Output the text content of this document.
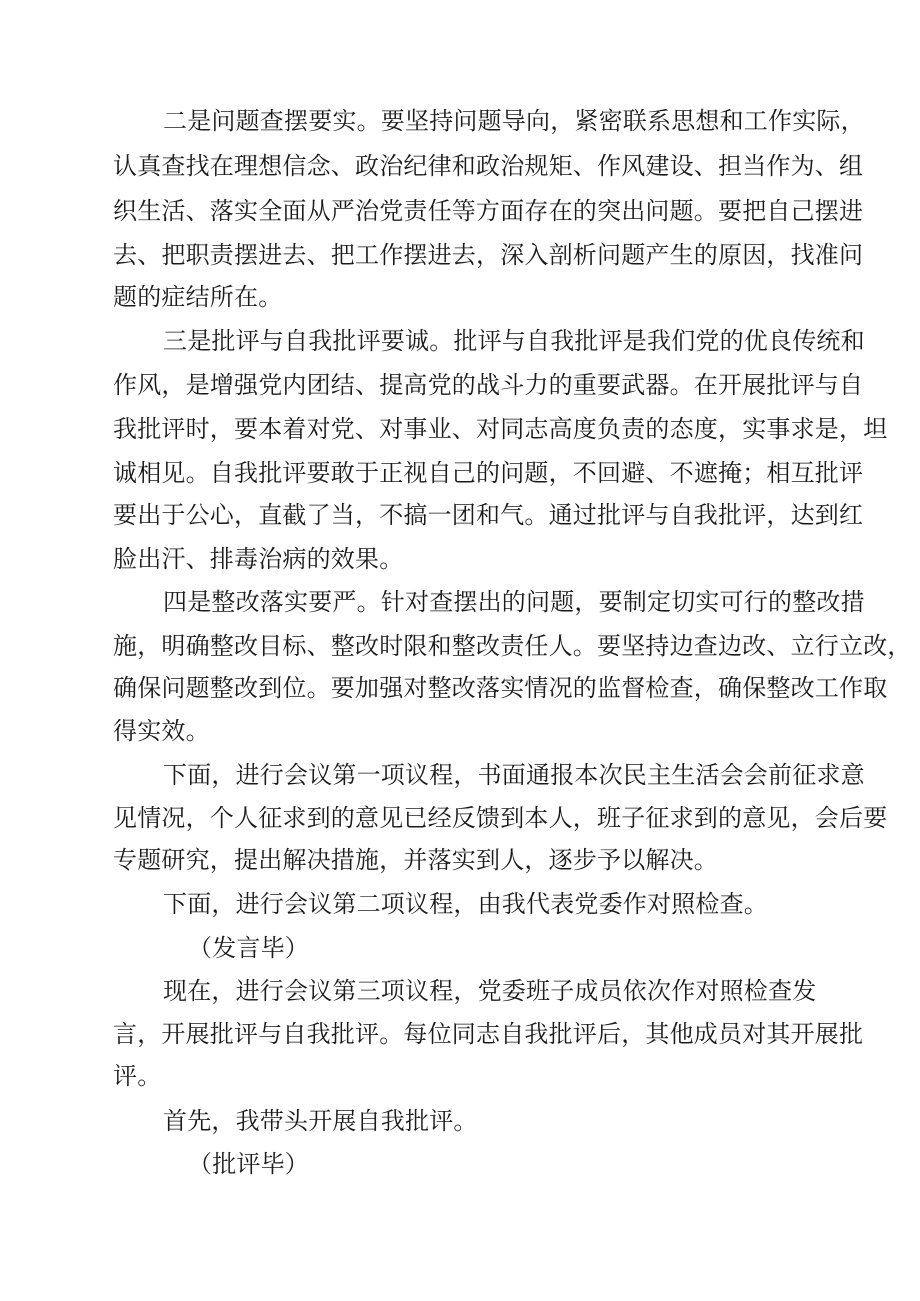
二是问题查摆要实。要坚持问题导向，紧密联系思想和工作实际，
认真查找在理想信念、政治纪律和政治规矩、作风建设、担当作为、组
织生活、落实全面从严治党责任等方面存在的突出问题。要把自己摆进
去、把职责摆进去、把工作摆进去，深入剖析问题产生的原因，找准问
题的症结所在。
三是批评与自我批评要诚。批评与自我批评是我们党的优良传统和
作风，是增强党内团结、提高党的战斗力的重要武器。在开展批评与自
我批评时，要本着对党、对事业、对同志高度负责的态度，实事求是，坦
诚相见。自我批评要敢于正视自己的问题，不回避、不遮掩；相互批评
要出于公心，直截了当，不搞一团和气。通过批评与自我批评，达到红
脸出汗、排毒治病的效果。
四是整改落实要严。针对查摆出的问题，要制定切实可行的整改措
施，明确整改目标、整改时限和整改责任人。要坚持边查边改、立行立改，
确保问题整改到位。要加强对整改落实情况的监督检查，确保整改工作取
得实效。
下面，进行会议第一项议程，书面通报本次民主生活会会前征求意
见情况，个人征求到的意见已经反馈到本人，班子征求到的意见，会后要
专题研究，提出解决措施，并落实到人，逐步予以解决。
下面，进行会议第二项议程，由我代表党委作对照检查。
（发言毕）
现在，进行会议第三项议程，党委班子成员依次作对照检查发
言，开展批评与自我批评。每位同志自我批评后，其他成员对其开展批
评。
首先，我带头开展自我批评。
（批评毕）
